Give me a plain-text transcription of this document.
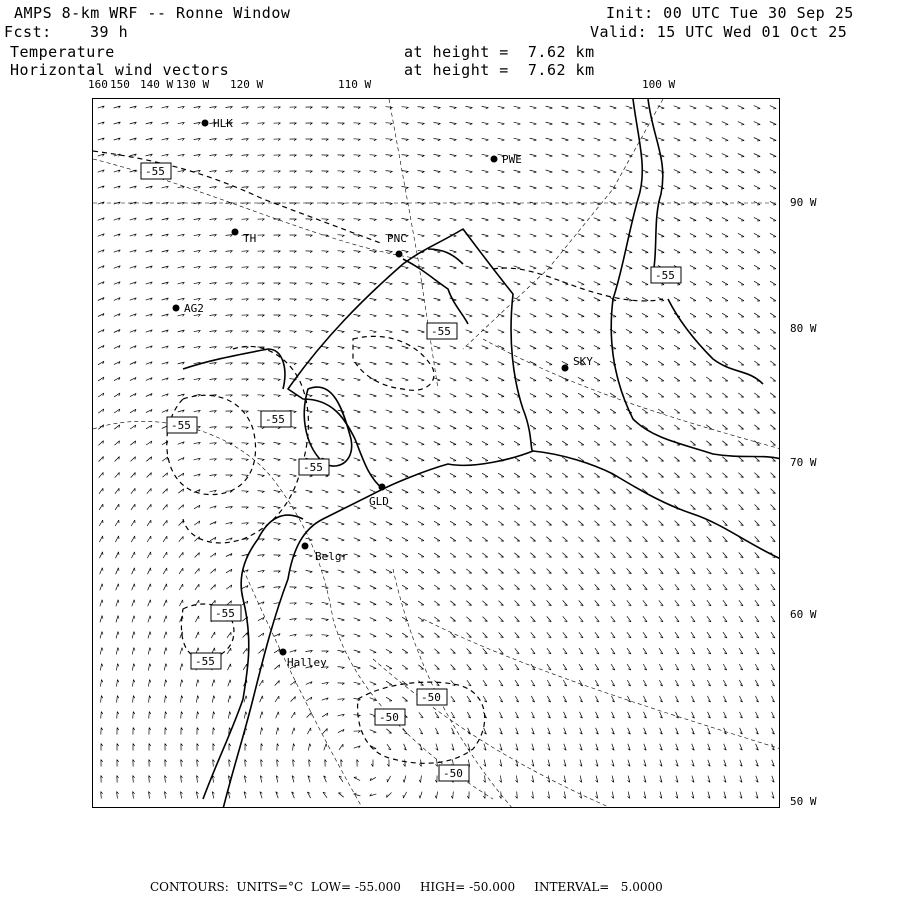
AMPS 8-km WRF -- Ronne Window	Init: 00 UTC Tue 30 Sep 25
Fcst:	39 h	Valid: 15 UTC Wed 01 Oct 25
Temperature
Horizontal wind vectors
at height =  7.62 km
at height =  7.62 km
160 150 140 W 130 W 120 W	110 W	100 W
90 W
80 W
70 W
60 W
50 W
HLK
PWE
TH	PNC
AG2
SKY
GLD
Belgr
Halley
-55
-55
-55
-55
-55
-55
-55
-55
-50
-50
-50
CONTOURS:  UNITS=°C  LOW= -55.000     HIGH= -50.000     INTERVAL=   5.0000
